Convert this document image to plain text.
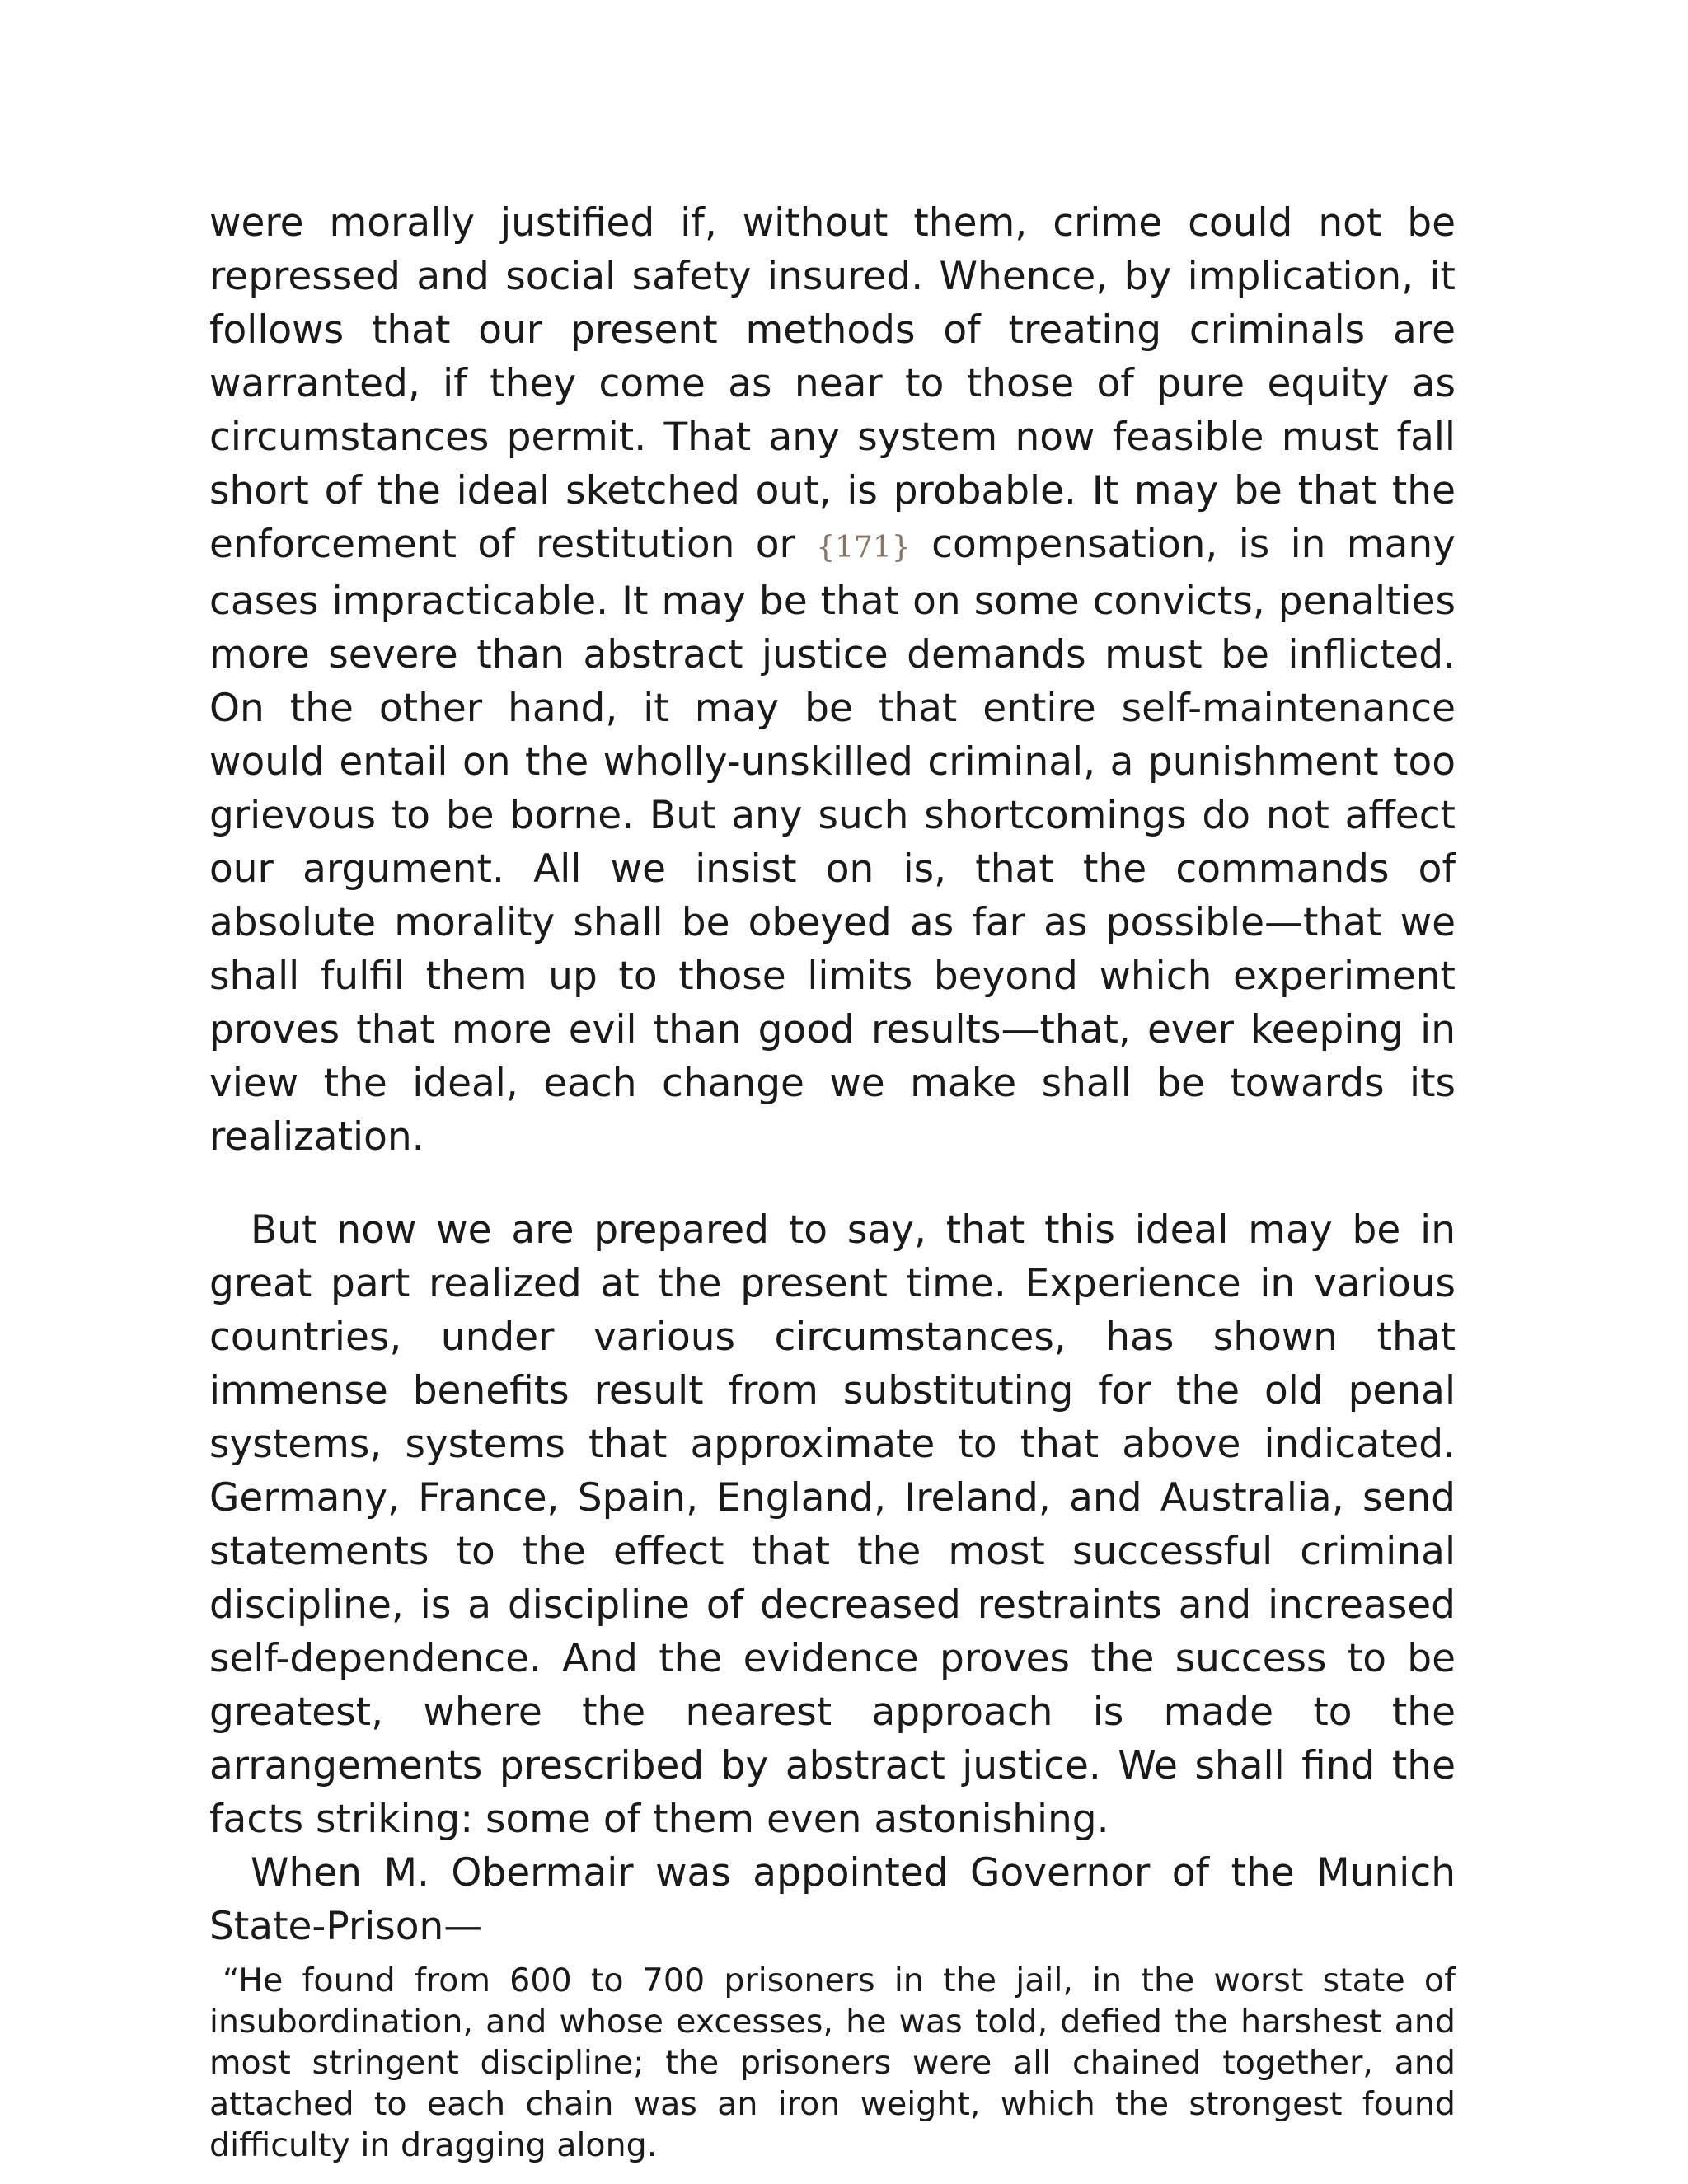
were morally justified if, without them, crime could not be repressed and social safety insured. Whence, by implication, it follows that our present methods of treating criminals are warranted, if they come as near to those of pure equity as circumstances permit. That any system now feasible must fall short of the ideal sketched out, is probable. It may be that the enforcement of restitution or {171} compensation, is in many cases impracticable. It may be that on some convicts, penalties more severe than abstract justice demands must be inflicted. On the other hand, it may be that entire self-maintenance would entail on the wholly-unskilled criminal, a punishment too grievous to be borne. But any such shortcomings do not affect our argument. All we insist on is, that the commands of absolute morality shall be obeyed as far as possible—that we shall fulfil them up to those limits beyond which experiment proves that more evil than good results—that, ever keeping in view the ideal, each change we make shall be towards its realization.

But now we are prepared to say, that this ideal may be in great part realized at the present time. Experience in various countries, under various circumstances, has shown that immense benefits result from substituting for the old penal systems, systems that approximate to that above indicated. Germany, France, Spain, England, Ireland, and Australia, send statements to the effect that the most successful criminal discipline, is a discipline of decreased restraints and increased self-dependence. And the evidence proves the success to be greatest, where the nearest approach is made to the arrangements prescribed by abstract justice. We shall find the facts striking: some of them even astonishing.

When M. Obermair was appointed Governor of the Munich State-Prison—

“He found from 600 to 700 prisoners in the jail, in the worst state of insubordination, and whose excesses, he was told, defied the harshest and most stringent discipline; the prisoners were all chained together, and attached to each chain was an iron weight, which the strongest found difficulty in dragging along.
